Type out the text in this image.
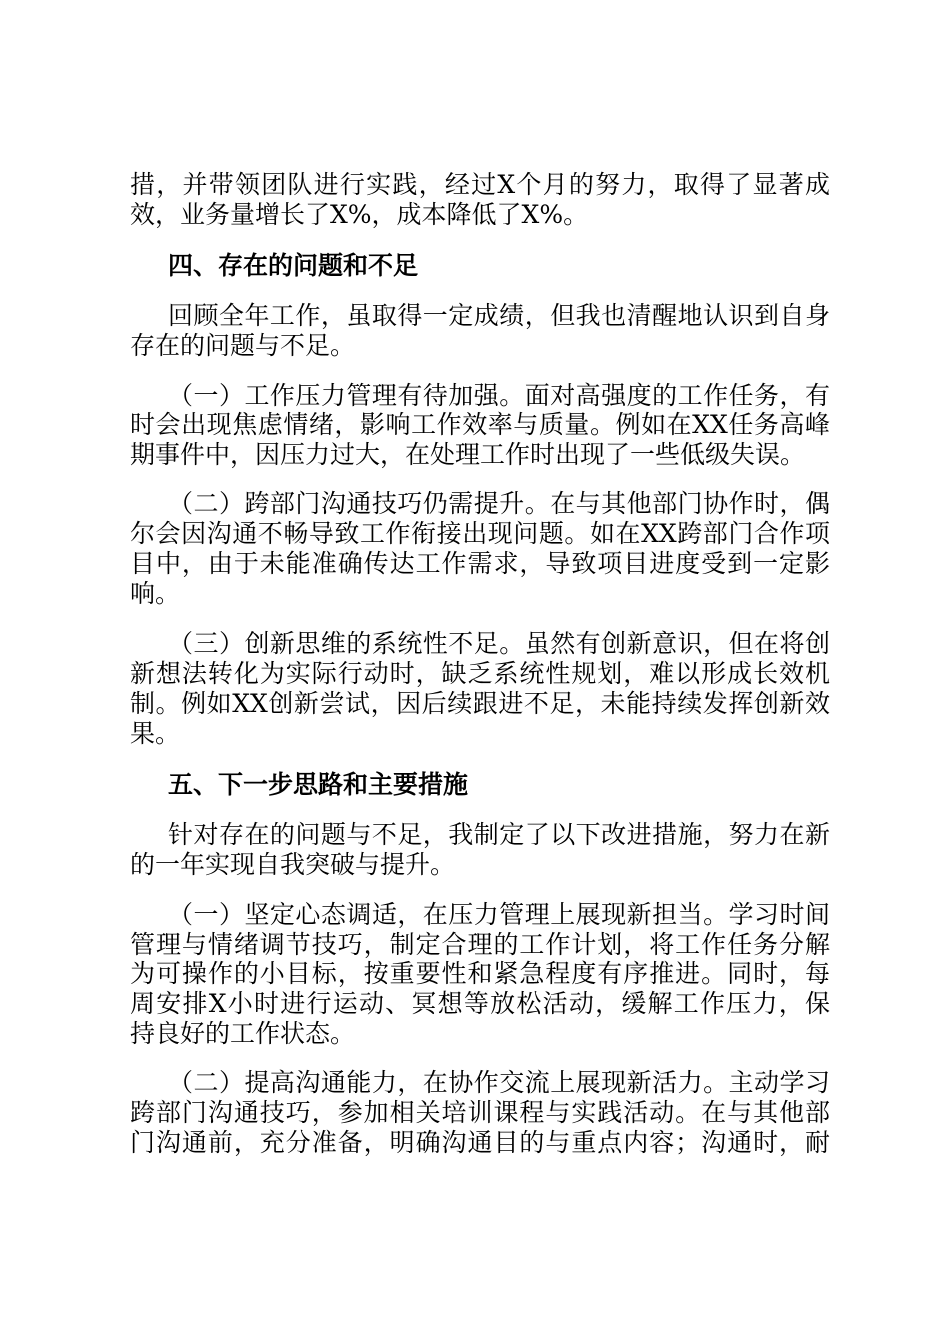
措，并带领团队进行实践，经过X个月的努力，取得了显著成
效，业务量增长了X%，成本降低了X%。
四、存在的问题和不足
回顾全年工作，虽取得一定成绩，但我也清醒地认识到自身
存在的问题与不足。
（一）工作压力管理有待加强。面对高强度的工作任务，有
时会出现焦虑情绪，影响工作效率与质量。例如在XX任务高峰
期事件中，因压力过大，在处理工作时出现了一些低级失误。
（二）跨部门沟通技巧仍需提升。在与其他部门协作时，偶
尔会因沟通不畅导致工作衔接出现问题。如在XX跨部门合作项
目中，由于未能准确传达工作需求，导致项目进度受到一定影
响。
（三）创新思维的系统性不足。虽然有创新意识，但在将创
新想法转化为实际行动时，缺乏系统性规划，难以形成长效机
制。例如XX创新尝试，因后续跟进不足，未能持续发挥创新效
果。
五、下一步思路和主要措施
针对存在的问题与不足，我制定了以下改进措施，努力在新
的一年实现自我突破与提升。
（一）坚定心态调适，在压力管理上展现新担当。学习时间
管理与情绪调节技巧，制定合理的工作计划，将工作任务分解
为可操作的小目标，按重要性和紧急程度有序推进。同时，每
周安排X小时进行运动、冥想等放松活动，缓解工作压力，保
持良好的工作状态。
（二）提高沟通能力，在协作交流上展现新活力。主动学习
跨部门沟通技巧，参加相关培训课程与实践活动。在与其他部
门沟通前，充分准备，明确沟通目的与重点内容；沟通时，耐
